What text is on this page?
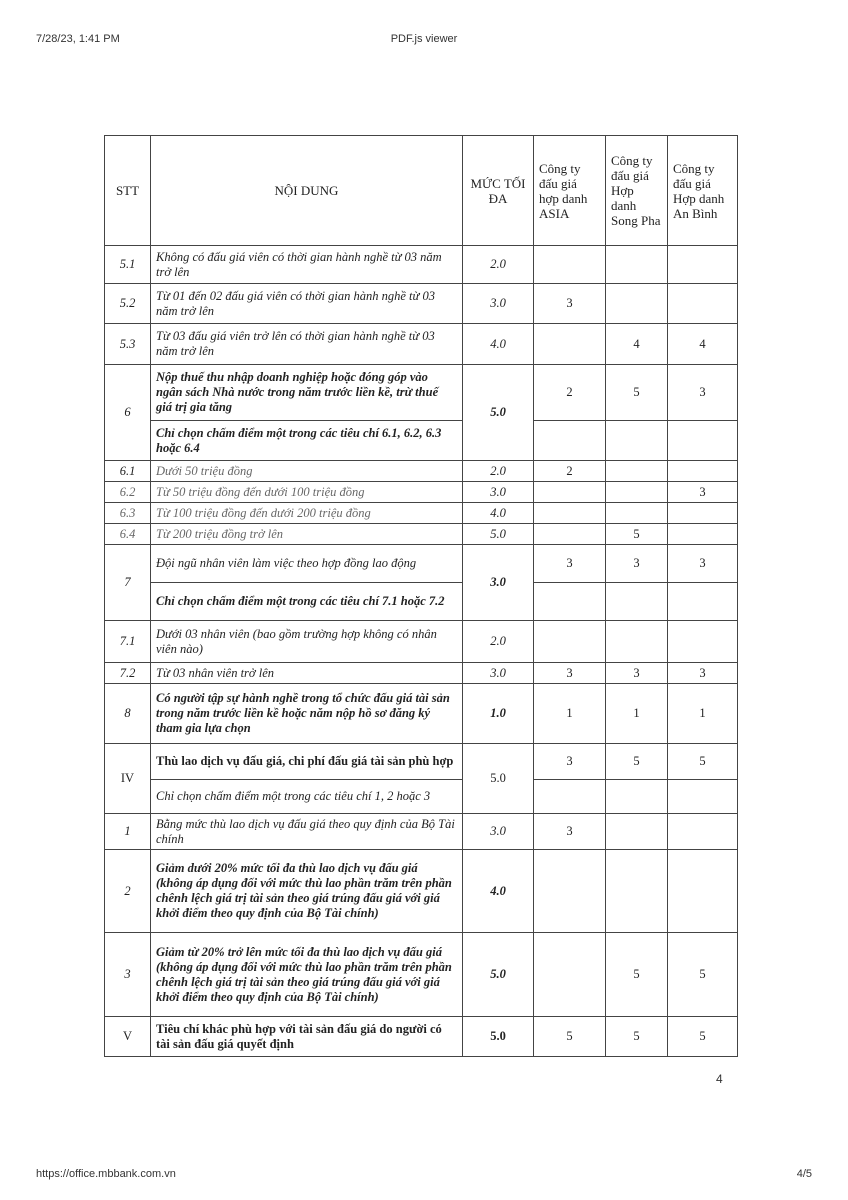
7/28/23, 1:41 PM	PDF.js viewer
STT	NỘI DUNG	MỨC TỐI ĐA	Công ty đấu giá hợp danh ASIA	Công ty đấu giá Hợp danh Song Pha	Công ty đấu giá Hợp danh An Bình
5.1	Không có đấu giá viên có thời gian hành nghề từ 03 năm trở lên	2.0			
5.2	Từ 01 đến 02 đấu giá viên có thời gian hành nghề từ 03 năm trở lên	3.0	3		
5.3	Từ 03 đấu giá viên trở lên có thời gian hành nghề từ 03 năm trở lên	4.0		4	4
6	Nộp thuế thu nhập doanh nghiệp hoặc đóng góp vào ngân sách Nhà nước trong năm trước liền kề, trừ thuế giá trị gia tăng	5.0	2	5	3
	Chỉ chọn chấm điểm một trong các tiêu chí 6.1, 6.2, 6.3 hoặc 6.4				
6.1	Dưới 50 triệu đồng	2.0	2		
6.2	Từ 50 triệu đồng đến dưới 100 triệu đồng	3.0			3
6.3	Từ 100 triệu đồng đến dưới 200 triệu đồng	4.0			
6.4	Từ 200 triệu đồng trở lên	5.0		5	
7	Đội ngũ nhân viên làm việc theo hợp đồng lao động	3.0	3	3	3
	Chỉ chọn chấm điểm một trong các tiêu chí 7.1 hoặc 7.2				
7.1	Dưới 03 nhân viên (bao gồm trường hợp không có nhân viên nào)	2.0			
7.2	Từ 03 nhân viên trở lên	3.0	3	3	3
8	Có người tập sự hành nghề trong tổ chức đấu giá tài sản trong năm trước liền kề hoặc năm nộp hồ sơ đăng ký tham gia lựa chọn	1.0	1	1	1
IV	Thù lao dịch vụ đấu giá, chi phí đấu giá tài sản phù hợp	5.0	3	5	5
	Chỉ chọn chấm điểm một trong các tiêu chí 1, 2 hoặc 3				
1	Bằng mức thù lao dịch vụ đấu giá theo quy định của Bộ Tài chính	3.0	3		
2	Giảm dưới 20% mức tối đa thù lao dịch vụ đấu giá (không áp dụng đối với mức thù lao phần trăm trên phần chênh lệch giá trị tài sản theo giá trúng đấu giá với giá khởi điểm theo quy định của Bộ Tài chính)	4.0			
3	Giảm từ 20% trở lên mức tối đa thù lao dịch vụ đấu giá (không áp dụng đối với mức thù lao phần trăm trên phần chênh lệch giá trị tài sản theo giá trúng đấu giá với giá khởi điểm theo quy định của Bộ Tài chính)	5.0		5	5
V	Tiêu chí khác phù hợp với tài sản đấu giá do người có tài sản đấu giá quyết định	5.0	5	5	5
4
https://office.mbbank.com.vn	4/5
